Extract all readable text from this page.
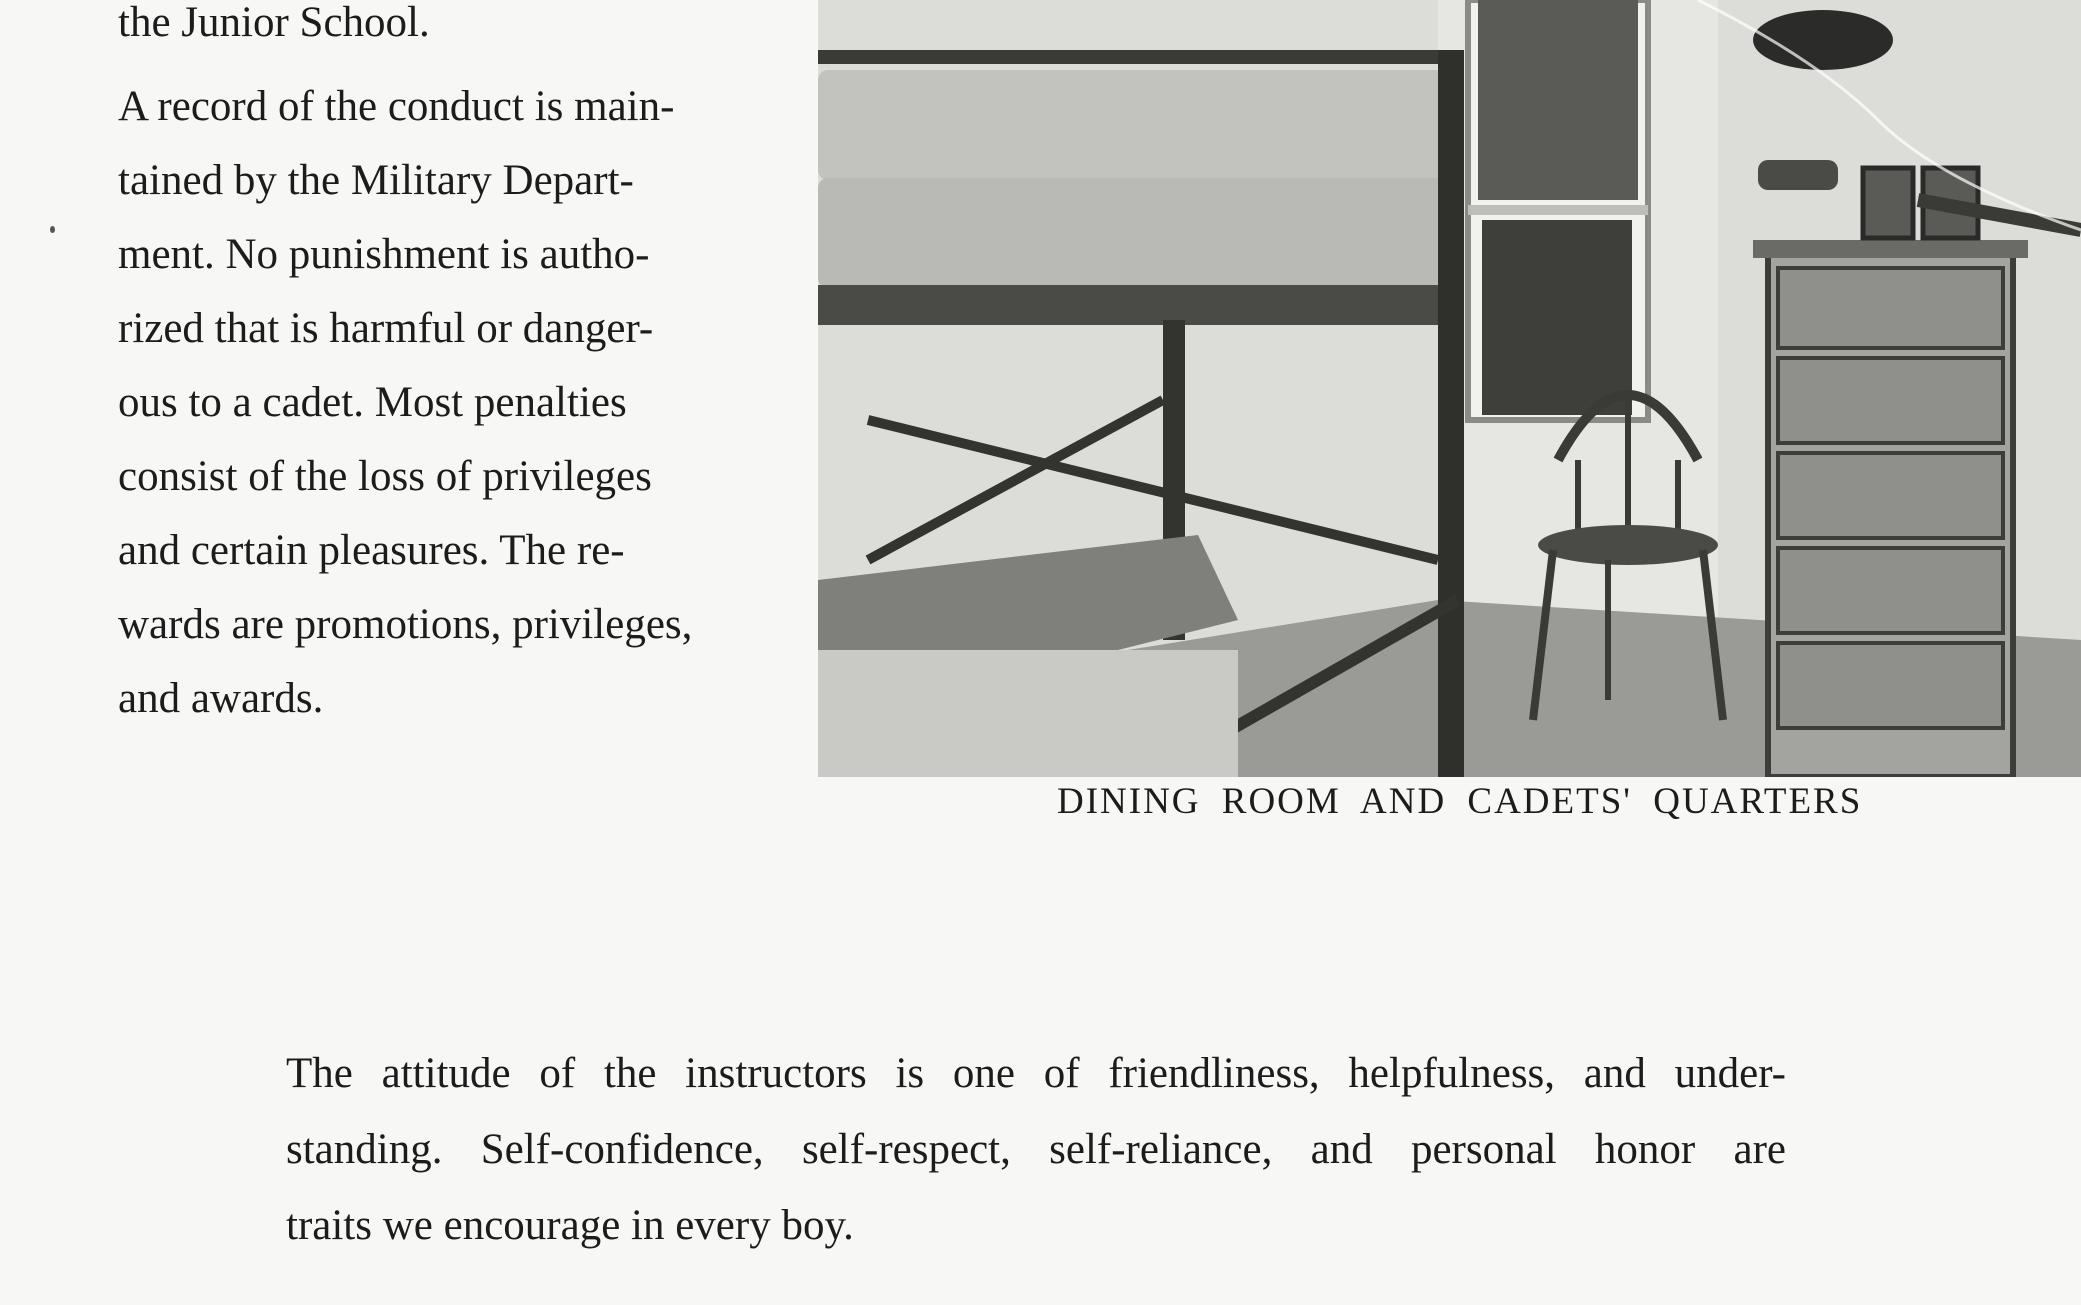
the Junior School.

A record of the conduct is main-
tained by the Military Depart-
ment. No punishment is autho-
rized that is harmful or danger-
ous to a cadet. Most penalties
consist of the loss of privileges
and certain pleasures. The re-
wards are promotions, privileges,
and awards.

DINING ROOM AND CADETS' QUARTERS
The attitude of the instructors is one of friendliness, helpfulness, and under-
standing. Self-confidence, self-respect, self-reliance, and personal honor are
traits we encourage in every boy.
